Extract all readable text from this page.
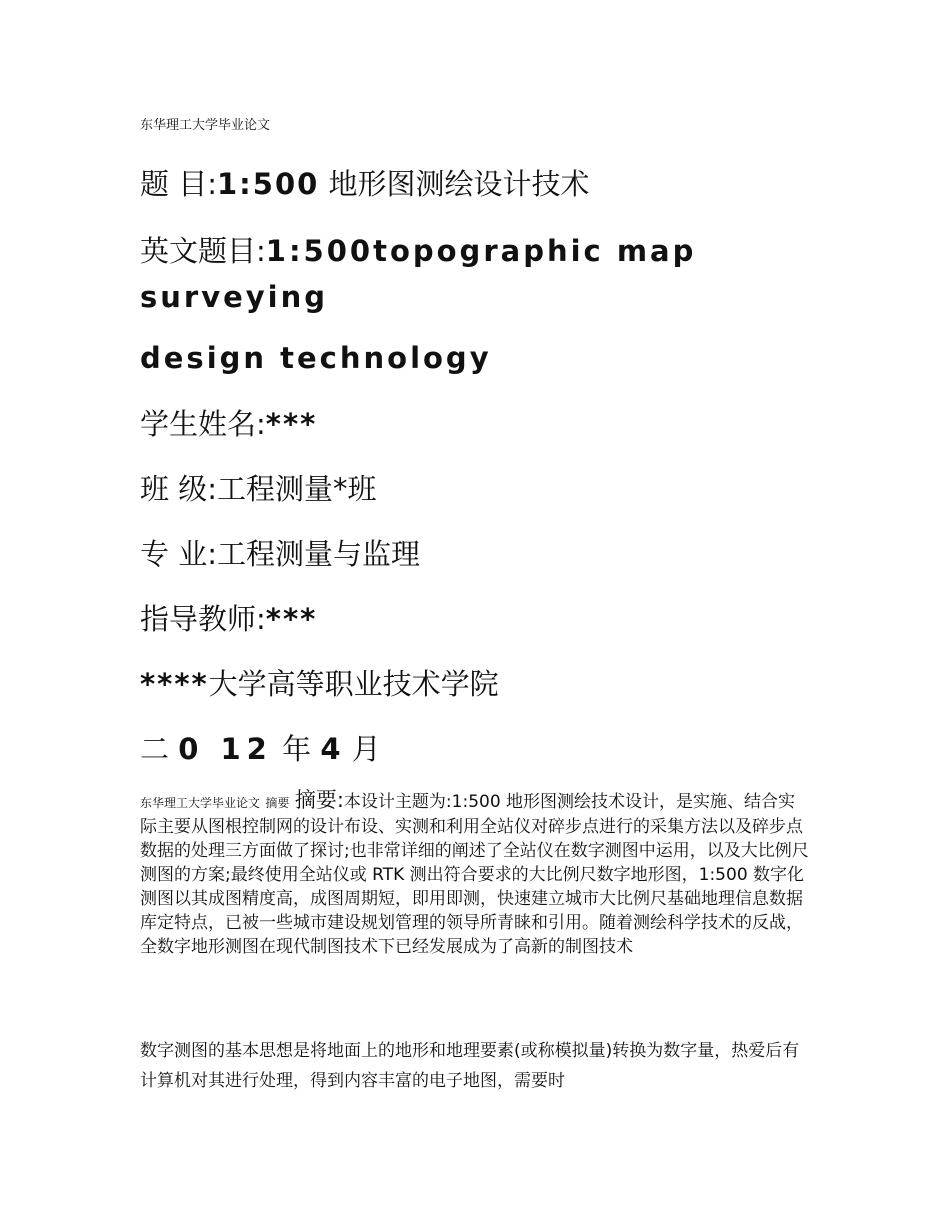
东华理工大学毕业论文
题 目:1:500 地形图测绘设计技术
英文题目:1:500topographic map surveying
design technology
学生姓名:***
班 级:工程测量*班
专 业:工程测量与监理
指导教师:***
****大学高等职业技术学院
二 0 12 年 4 月
东华理工大学毕业论文 摘要 摘要:本设计主题为:1:500 地形图测绘技术设计，是实施、结合实际主要从图根控制网的设计布设、实测和利用全站仪对碎步点进行的采集方法以及碎步点数据的处理三方面做了探讨;也非常详细的阐述了全站仪在数字测图中运用，以及大比例尺测图的方案;最终使用全站仪或 RTK 测出符合要求的大比例尺数字地形图，1:500 数字化测图以其成图精度高，成图周期短，即用即测，快速建立城市大比例尺基础地理信息数据库定特点，已被一些城市建设规划管理的领导所青睐和引用。随着测绘科学技术的反战，全数字地形测图在现代制图技术下已经发展成为了高新的制图技术
数字测图的基本思想是将地面上的地形和地理要素(或称模拟量)转换为数字量，热爱后有计算机对其进行处理，得到内容丰富的电子地图，需要时
